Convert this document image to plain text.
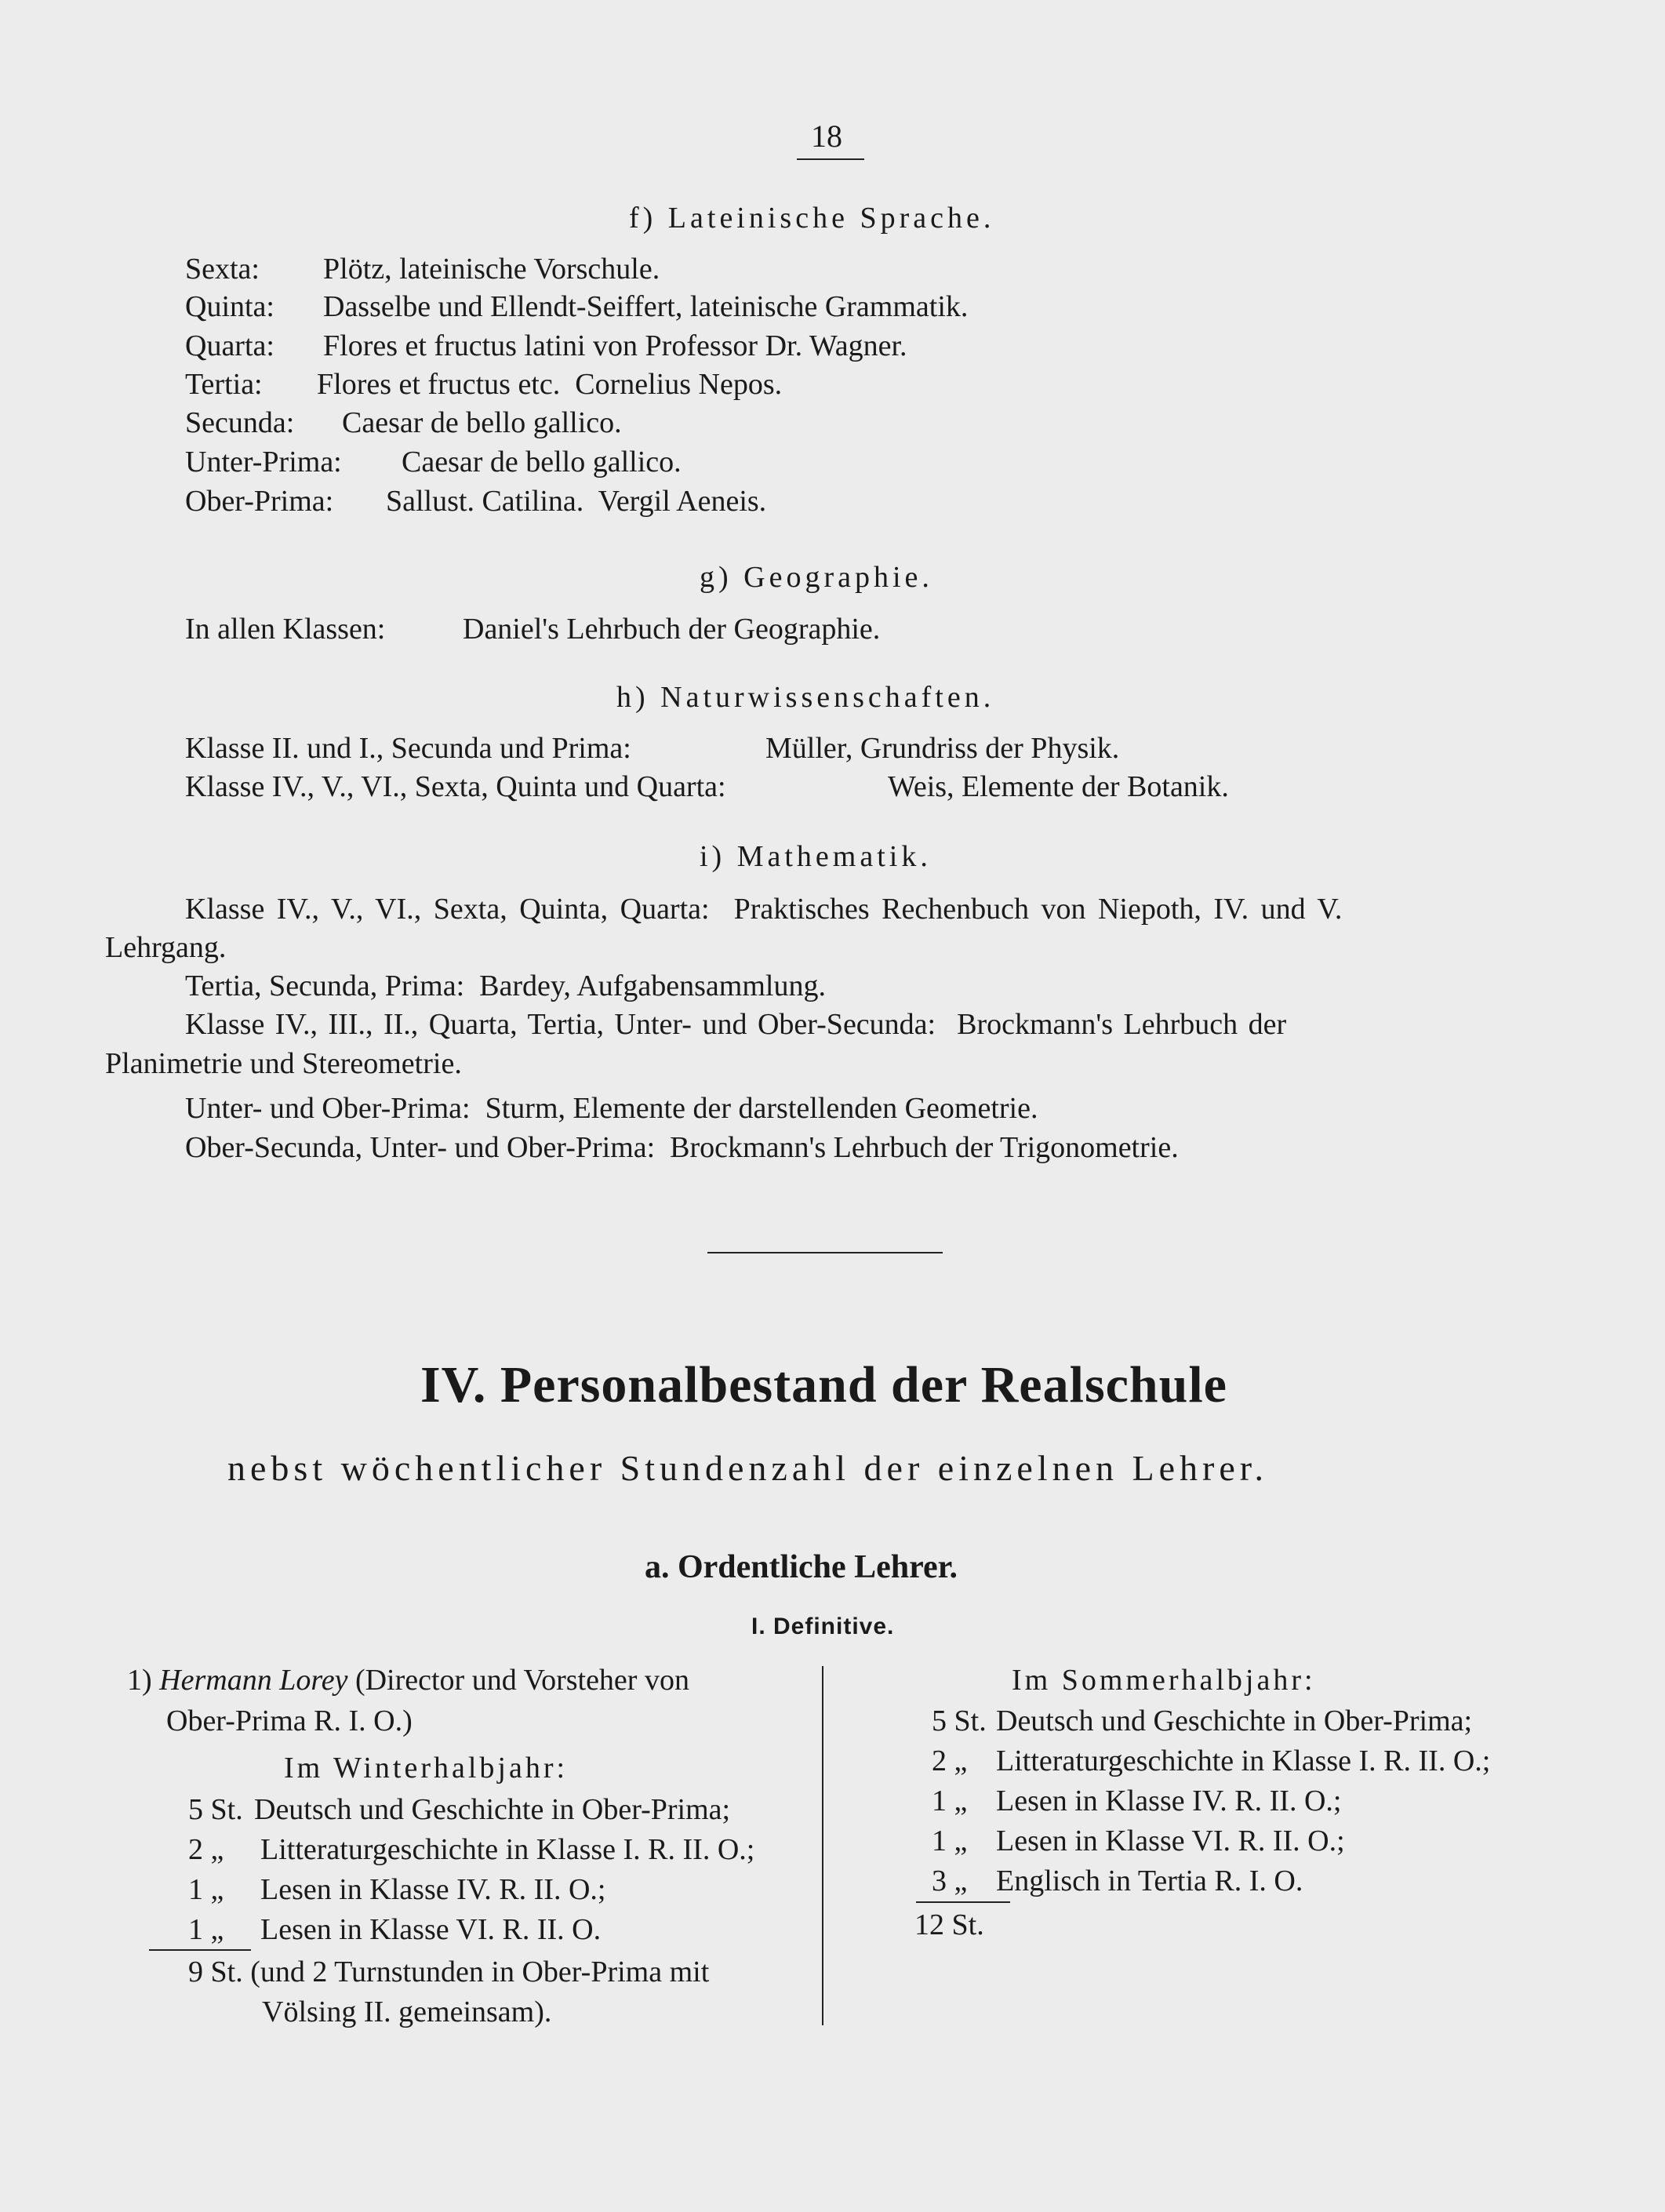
18
f) Lateinische Sprache.
Sexta: Plötz, lateinische Vorschule.
Quinta: Dasselbe und Ellendt-Seiffert, lateinische Grammatik.
Quarta: Flores et fructus latini von Professor Dr. Wagner.
Tertia: Flores et fructus etc.  Cornelius Nepos.
Secunda: Caesar de bello gallico.
Unter-Prima: Caesar de bello gallico.
Ober-Prima: Sallust. Catilina.  Vergil Aeneis.
g) Geographie.
In allen Klassen:	Daniel's Lehrbuch der Geographie.
h) Naturwissenschaften.
Klasse II. und I., Secunda und Prima:	Müller, Grundriss der Physik.
Klasse IV., V., VI., Sexta, Quinta und Quarta:	Weis, Elemente der Botanik.
i) Mathematik.
Klasse IV., V., VI., Sexta, Quinta, Quarta:  Praktisches Rechenbuch von Niepoth, IV. und V.
Lehrgang.
Tertia, Secunda, Prima:  Bardey, Aufgabensammlung.
Klasse IV., III., II., Quarta, Tertia, Unter- und Ober-Secunda:  Brockmann's Lehrbuch der
Planimetrie und Stereometrie.
Unter- und Ober-Prima:  Sturm, Elemente der darstellenden Geometrie.
Ober-Secunda, Unter- und Ober-Prima:  Brockmann's Lehrbuch der Trigonometrie.
IV. Personalbestand der Realschule
nebst wöchentlicher Stundenzahl der einzelnen Lehrer.
a. Ordentliche Lehrer.
I. Definitive.
1) Hermann Lorey (Director und Vorsteher von
Ober-Prima R. I. O.)
Im Winterhalbjahr:
5 St. Deutsch und Geschichte in Ober-Prima;
2 „ Litteraturgeschichte in Klasse I. R. II. O.;
1 „ Lesen in Klasse IV. R. II. O.;
1 „ Lesen in Klasse VI. R. II. O.
9 St. (und 2 Turnstunden in Ober-Prima mit
Völsing II. gemeinsam).
Im Sommerhalbjahr:
5 St. Deutsch und Geschichte in Ober-Prima;
2 „ Litteraturgeschichte in Klasse I. R. II. O.;
1 „ Lesen in Klasse IV. R. II. O.;
1 „ Lesen in Klasse VI. R. II. O.;
3 „ Englisch in Tertia R. I. O.
12 St.
